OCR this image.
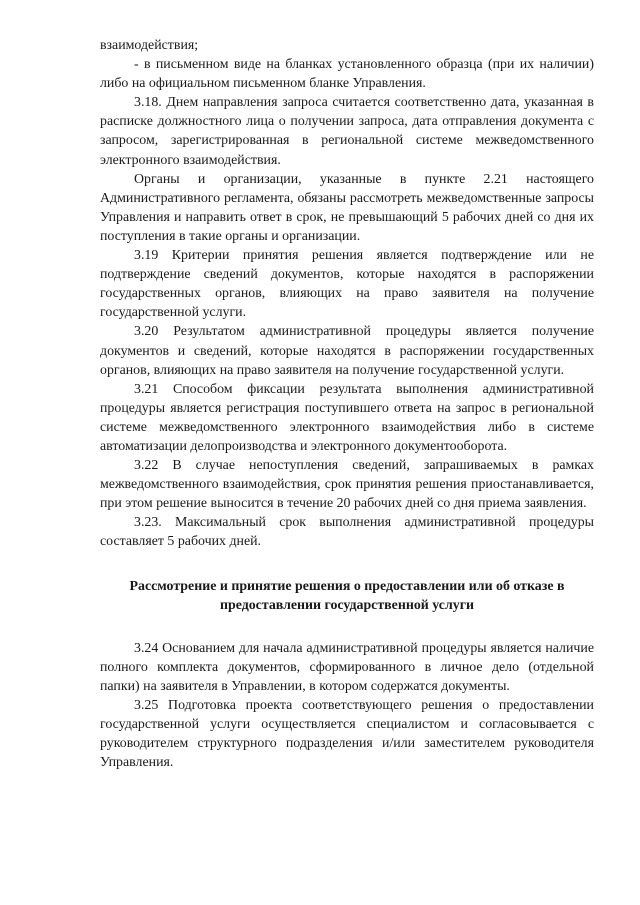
взаимодействия;

- в письменном виде на бланках установленного образца (при их наличии) либо на официальном письменном бланке Управления.

3.18. Днем направления запроса считается соответственно дата, указанная в расписке должностного лица о получении запроса, дата отправления документа с запросом, зарегистрированная в региональной системе межведомственного электронного взаимодействия.

Органы и организации, указанные в пункте 2.21 настоящего Административного регламента, обязаны рассмотреть межведомственные запросы Управления и направить ответ в срок, не превышающий 5 рабочих дней со дня их поступления в такие органы и организации.

3.19 Критерии принятия решения является подтверждение или не подтверждение сведений документов, которые находятся в распоряжении государственных органов, влияющих на право заявителя на получение государственной услуги.

3.20 Результатом административной процедуры является получение документов и сведений, которые находятся в распоряжении государственных органов, влияющих на право заявителя на получение государственной услуги.

3.21 Способом фиксации результата выполнения административной процедуры является регистрация поступившего ответа на запрос в региональной системе межведомственного электронного взаимодействия либо в системе автоматизации делопроизводства и электронного документооборота.

3.22 В случае непоступления сведений, запрашиваемых в рамках межведомственного взаимодействия, срок принятия решения приостанавливается, при этом решение выносится в течение 20 рабочих дней со дня приема заявления.

3.23. Максимальный срок выполнения административной процедуры составляет 5 рабочих дней.

Рассмотрение и принятие решения о предоставлении или об отказе в
предоставлении государственной услуги

3.24 Основанием для начала административной процедуры является наличие полного комплекта документов, сформированного в личное дело (отдельной папки) на заявителя в Управлении, в котором содержатся документы.

3.25 Подготовка проекта соответствующего решения о предоставлении государственной услуги осуществляется специалистом и согласовывается с руководителем структурного подразделения и/или заместителем руководителя Управления.
